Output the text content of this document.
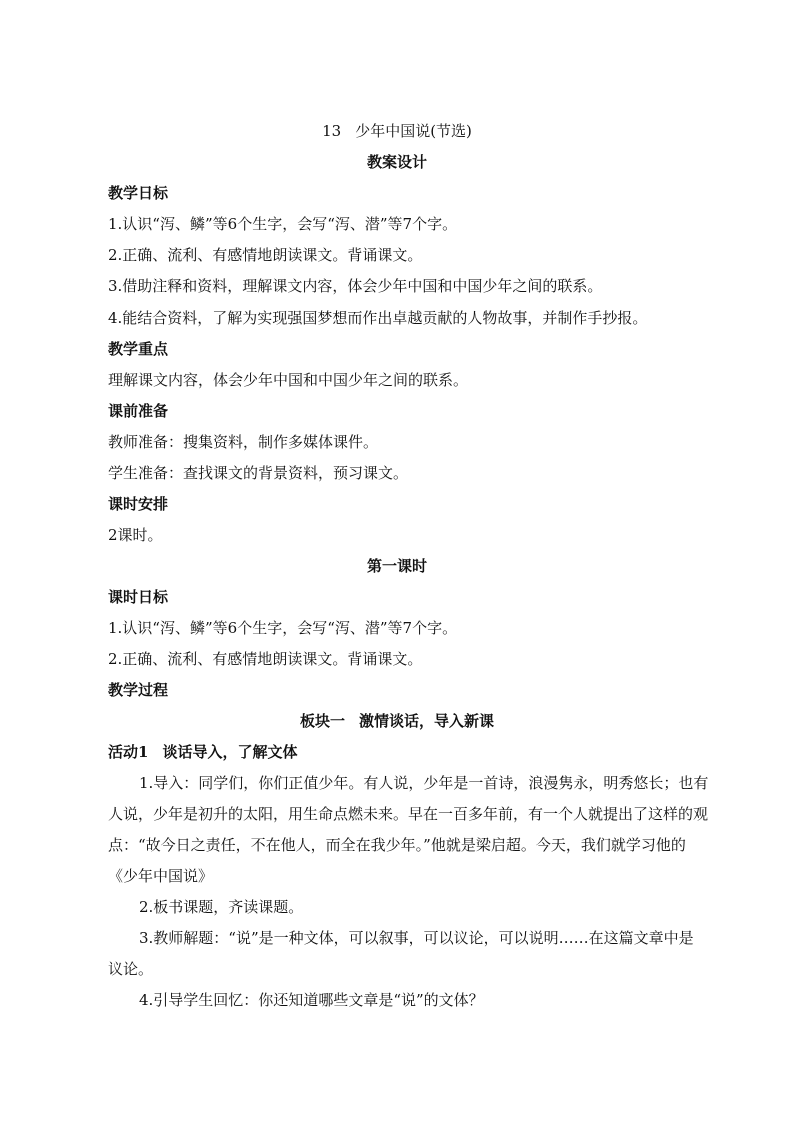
13 少年中国说(节选)
教案设计
教学日标
1.认识“泻、鳞”等6个生字，会写“泻、潜”等7个字。
2.正确、流利、有感情地朗读课文。背诵课文。
3.借助注释和资料，理解课文内容，体会少年中国和中国少年之间的联系。
4.能结合资料，了解为实现强国梦想而作出卓越贡献的人物故事，并制作手抄报。
教学重点
理解课文内容，体会少年中国和中国少年之间的联系。
课前准备
教师准备：搜集资料，制作多媒体课件。
学生准备：查找课文的背景资料，预习课文。
课时安排
2课时。
第一课时
课时日标
1.认识“泻、鳞”等6个生字，会写“泻、潜”等7个字。
2.正确、流利、有感情地朗读课文。背诵课文。
教学过程
板块一 激情谈话，导入新课
活动1 谈话导入，了解文体
1.导入：同学们，你们正值少年。有人说，少年是一首诗，浪漫隽永，明秀悠长；也有
人说，少年是初升的太阳，用生命点燃未来。早在一百多年前，有一个人就提出了这样的观
点：“故今日之责任，不在他人，而全在我少年。”他就是梁启超。今天，我们就学习他的
《少年中国说》
2.板书课题，齐读课题。
3.教师解题：“说”是一种文体，可以叙事，可以议论，可以说明……在这篇文章中是
议论。
4.引导学生回忆：你还知道哪些文章是“说”的文体？
